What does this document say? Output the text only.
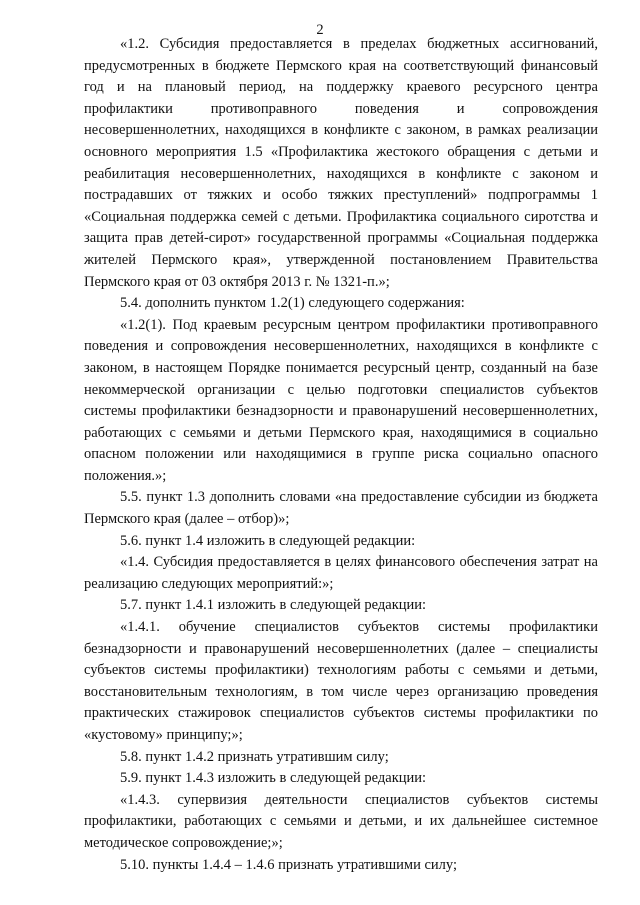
2

«1.2. Субсидия предоставляется в пределах бюджетных ассигнований, предусмотренных в бюджете Пермского края на соответствующий финансовый год и на плановый период, на поддержку краевого ресурсного центра профилактики противоправного поведения и сопровождения несовершеннолетних, находящихся в конфликте с законом, в рамках реализации основного мероприятия 1.5 «Профилактика жестокого обращения с детьми и реабилитация несовершеннолетних, находящихся в конфликте с законом и пострадавших от тяжких и особо тяжких преступлений» подпрограммы 1 «Социальная поддержка семей с детьми. Профилактика социального сиротства и защита прав детей-сирот» государственной программы «Социальная поддержка жителей Пермского края», утвержденной постановлением Правительства Пермского края от 03 октября 2013 г. № 1321-п.»;

5.4. дополнить пунктом 1.2(1) следующего содержания:

«1.2(1). Под краевым ресурсным центром профилактики противоправного поведения и сопровождения несовершеннолетних, находящихся в конфликте с законом, в настоящем Порядке понимается ресурсный центр, созданный на базе некоммерческой организации с целью подготовки специалистов субъектов системы профилактики безнадзорности и правонарушений несовершеннолетних, работающих с семьями и детьми Пермского края, находящимися в социально опасном положении или находящимися в группе риска социально опасного положения.»;

5.5. пункт 1.3 дополнить словами «на предоставление субсидии из бюджета Пермского края (далее – отбор)»;

5.6. пункт 1.4 изложить в следующей редакции:

«1.4. Субсидия предоставляется в целях финансового обеспечения затрат на реализацию следующих мероприятий:»;

5.7. пункт 1.4.1 изложить в следующей редакции:

«1.4.1. обучение специалистов субъектов системы профилактики безнадзорности и правонарушений несовершеннолетних (далее – специалисты субъектов системы профилактики) технологиям работы с семьями и детьми, восстановительным технологиям, в том числе через организацию проведения практических стажировок специалистов субъектов системы профилактики по «кустовому» принципу;»;

5.8. пункт 1.4.2 признать утратившим силу;

5.9. пункт 1.4.3 изложить в следующей редакции:

«1.4.3. супервизия деятельности специалистов субъектов системы профилактики, работающих с семьями и детьми, и их дальнейшее системное методическое сопровождение;»;

5.10. пункты 1.4.4 – 1.4.6 признать утратившими силу;
